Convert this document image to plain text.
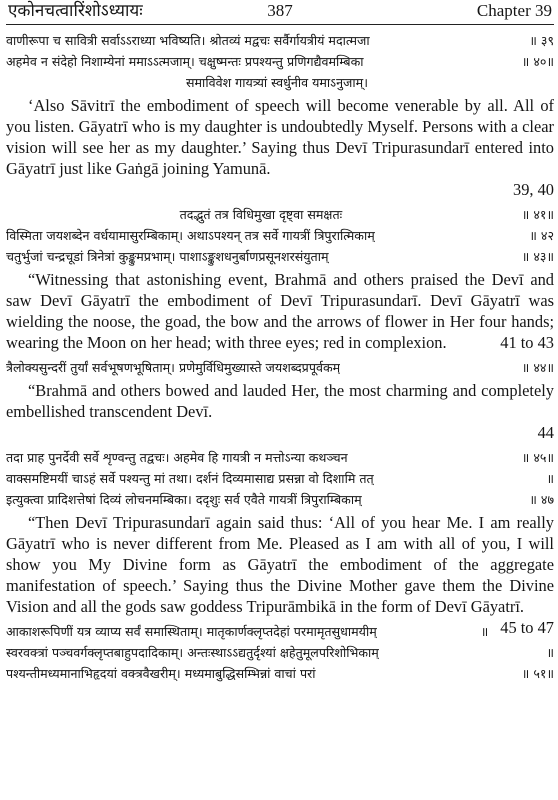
एकोनचत्वारिंशोऽध्यायः	387	Chapter 39
वाणीरूपा च सावित्री सर्वाऽऽराध्या भविष्यति। श्रोतव्यं मद्वचः सर्वैर्गायत्रीयं मदात्मजा	॥ ३९
अहमेव न संदेहो निशाम्येनां ममाऽऽत्मजाम्। चक्षुष्मन्तः प्रपश्यन्तु प्रणिगद्यैवमम्बिका	॥ ४०॥
समाविवेश गायत्र्यां स्वर्धुनीव यमाऽनुजाम्।
‘Also Sāvitrī the embodiment of speech will become venerable by all. All of you listen. Gāyatrī who is my daughter is undoubtedly Myself. Persons with a clear vision will see her as my daughter.’ Saying thus Devī Tripurasundarī entered into Gāyatrī just like Gaṅgā joining Yamunā.
39, 40
तदद्भुतं तत्र विधिमुखा दृष्ट्वा समक्षतः	॥ ४१॥
विस्मिता जयशब्देन वर्धयामासुरम्बिकाम्। अथाऽपश्यन् तत्र सर्वे गायत्रीं त्रिपुरात्मिकाम्	॥ ४२
चतुर्भुजां चन्द्रचूडां त्रिनेत्रां कुङ्कुमप्रभाम्। पाशाऽङ्कुशधनुर्बाणप्रसूनशरसंयुताम्	॥ ४३॥
“Witnessing that astonishing event, Brahmā and others praised the Devī and saw Devī Gāyatrī the embodiment of Devī Tripurasundarī. Devī Gāyatrī was wielding the noose, the goad, the bow and the arrows of flower in Her four hands; wearing the Moon on her head; with three eyes; red in complexion.	41 to 43
त्रैलोक्यसुन्दरीं तुर्यां सर्वभूषणभूषिताम्। प्रणेमुर्विधिमुख्यास्ते जयशब्दप्रपूर्वकम्	॥ ४४॥
“Brahmā and others bowed and lauded Her, the most charming and completely embellished transcendent Devī.
44
तदा प्राह पुनर्देवी सर्वे शृण्वन्तु तद्वचः। अहमेव हि गायत्री न मत्तोऽन्या कथञ्चन	॥ ४५॥
वाक्समष्टिमयीं चाऽहं सर्वे पश्यन्तु मां तथा। दर्शनं दिव्यमासाद्य प्रसन्ना वो दिशामि तत्	॥
इत्युक्त्वा प्रादिशत्तेषां दिव्यं लोचनमम्बिका। ददृशुः सर्व एवैते गायत्रीं त्रिपुराम्बिकाम्	॥ ४७
“Then Devī Tripurasundarī again said thus: ‘All of you hear Me. I am really Gāyatrī who is never different from Me. Pleased as I am with all of you, I will show you My Divine form as Gāyatrī the embodiment of the aggregate manifestation of speech.’ Saying thus the Divine Mother gave them the Divine Vision and all the gods saw goddess Tripurāmbikā in the form of Devī Gāyatrī.
45 to 47
आकाशरूपिणीं यत्र व्याप्य सर्वं समास्थिताम्। मातृकार्णक्लृप्तदेहां परमामृतसुधामयीम्	॥
स्वरवक्त्रां पञ्चवर्गक्लृप्तबाहुपदादिकाम्। अन्तःस्थाऽऽद्यतुर्दृश्यां क्षहेतुमूलपरिशोभिकाम्	॥
पश्यन्तीमध्यमानाभिहृदयां वक्त्रवैखरीम्। मध्यमाबुद्धिसम्भिन्नां वाचां परां	॥ ५१॥
